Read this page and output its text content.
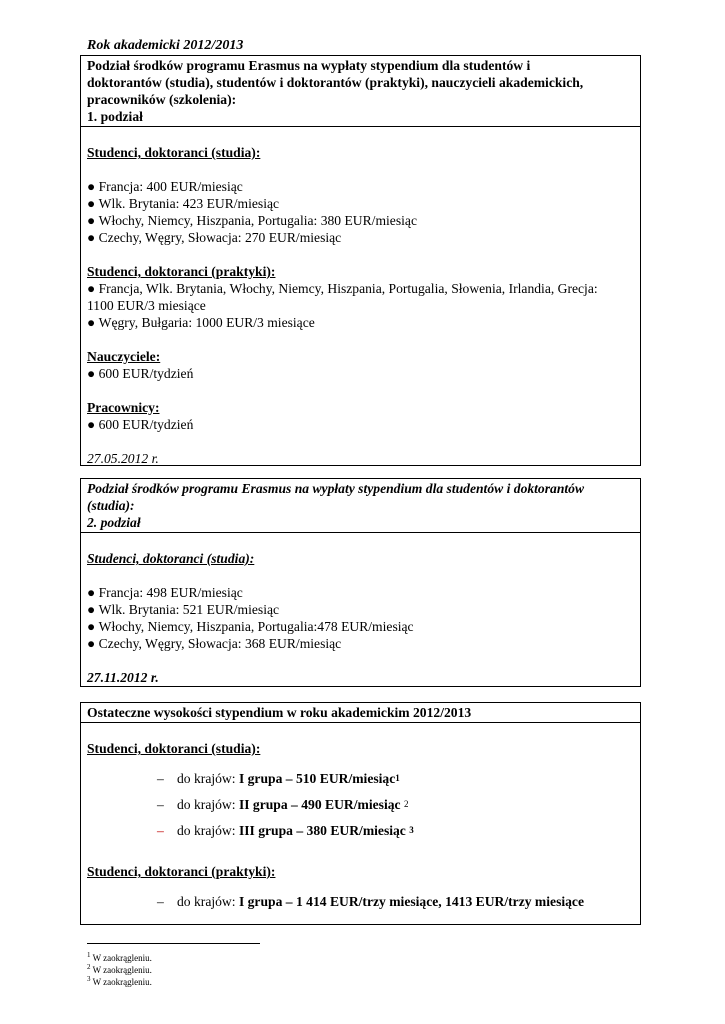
Rok akademicki 2012/2013
Podział środków programu Erasmus na wypłaty stypendium dla studentów i
doktorantów (studia), studentów i doktorantów (praktyki), nauczycieli akademickich,
pracowników (szkolenia):
1. podział
Studenci, doktoranci (studia):
● Francja: 400 EUR/miesiąc
● Wlk. Brytania: 423 EUR/miesiąc
● Włochy, Niemcy, Hiszpania, Portugalia: 380 EUR/miesiąc
● Czechy, Węgry, Słowacja: 270 EUR/miesiąc
Studenci, doktoranci (praktyki):
● Francja, Wlk. Brytania, Włochy, Niemcy, Hiszpania, Portugalia, Słowenia, Irlandia, Grecja:
1100 EUR/3 miesiące
● Węgry, Bułgaria: 1000 EUR/3 miesiące
Nauczyciele:
● 600 EUR/tydzień
Pracownicy:
● 600 EUR/tydzień
27.05.2012 r.
Podział środków programu Erasmus na wypłaty stypendium dla studentów i doktorantów
(studia):
2. podział
Studenci, doktoranci (studia):
● Francja: 498 EUR/miesiąc
● Wlk. Brytania: 521 EUR/miesiąc
● Włochy, Niemcy, Hiszpania, Portugalia:478 EUR/miesiąc
● Czechy, Węgry, Słowacja: 368 EUR/miesiąc
27.11.2012 r.
Ostateczne wysokości stypendium w roku akademickim 2012/2013
Studenci, doktoranci (studia):
– do krajów:
I grupa – 510 EUR/miesiąc 1
– do krajów:
II grupa – 490 EUR/miesiąc
2
– do krajów:
III grupa – 380 EUR/miesiąc
3
Studenci, doktoranci (praktyki):
– do krajów:
I grupa – 1 414 EUR/trzy miesiące, 1413 EUR/trzy miesiące
$^1$ W zaokrągleniu.
$^2$ W zaokrągleniu.
$^3$ W zaokrągleniu.
